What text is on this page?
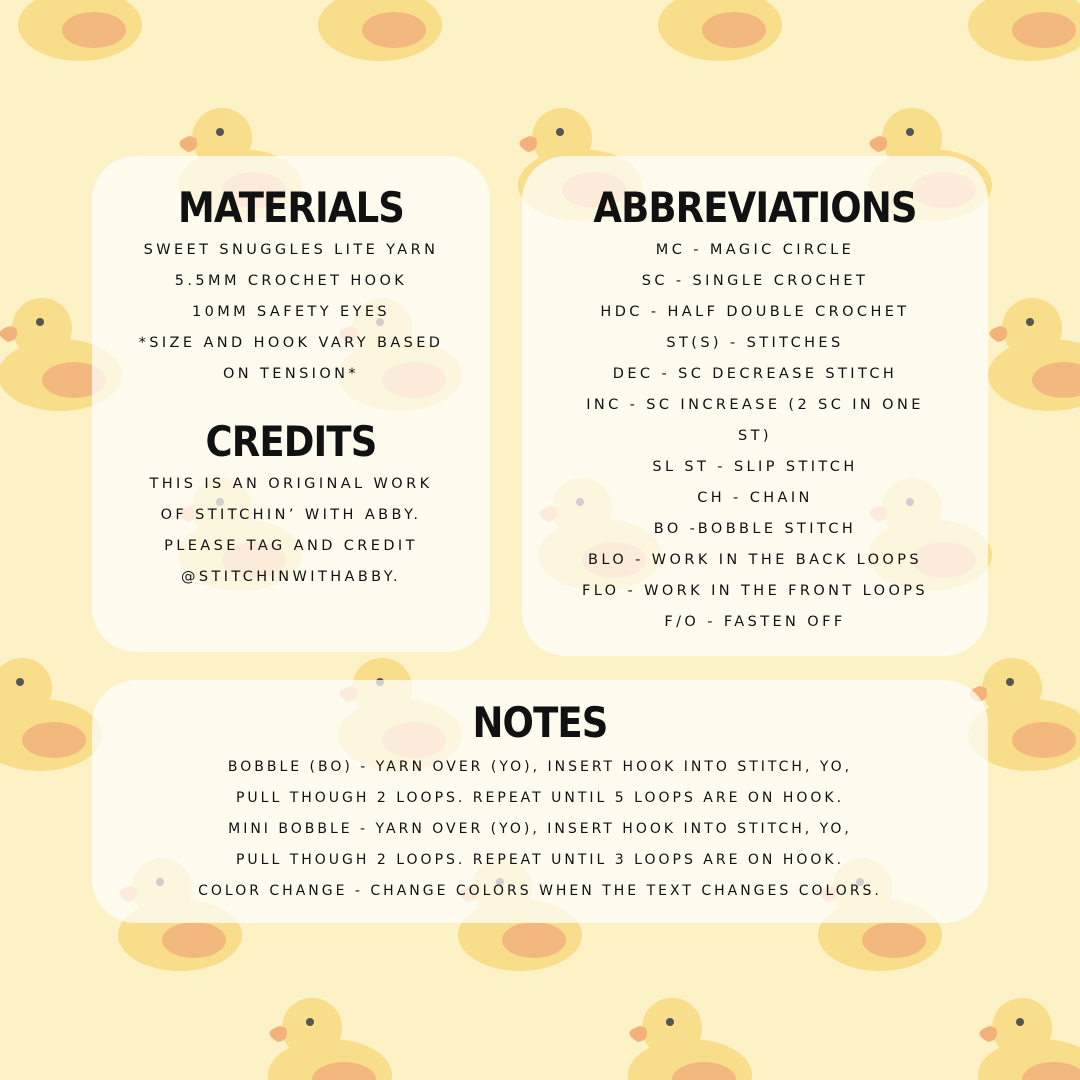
MATERIALS
SWEET SNUGGLES LITE YARN
5.5MM CROCHET HOOK
10MM SAFETY EYES
*SIZE AND HOOK VARY BASED
ON TENSION*
CREDITS
THIS IS AN ORIGINAL WORK
OF STITCHIN’ WITH ABBY.
PLEASE TAG AND CREDIT
@STITCHINWITHABBY.
ABBREVIATIONS
MC - MAGIC CIRCLE
SC - SINGLE CROCHET
HDC - HALF DOUBLE CROCHET
ST(S) - STITCHES
DEC - SC DECREASE STITCH
INC - SC INCREASE (2 SC IN ONE
ST)
SL ST - SLIP STITCH
CH - CHAIN
BO -BOBBLE STITCH
BLO - WORK IN THE BACK LOOPS
FLO - WORK IN THE FRONT LOOPS
F/O - FASTEN OFF
NOTES
BOBBLE (BO) - YARN OVER (YO), INSERT HOOK INTO STITCH, YO,
PULL THOUGH 2 LOOPS. REPEAT UNTIL 5 LOOPS ARE ON HOOK.
MINI BOBBLE - YARN OVER (YO), INSERT HOOK INTO STITCH, YO,
PULL THOUGH 2 LOOPS. REPEAT UNTIL 3 LOOPS ARE ON HOOK.
COLOR CHANGE - CHANGE COLORS WHEN THE TEXT CHANGES COLORS.
